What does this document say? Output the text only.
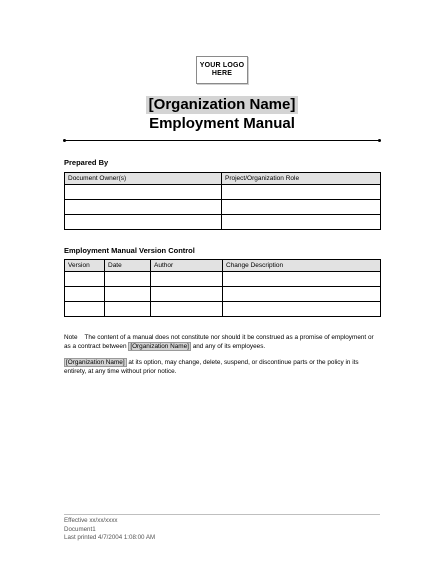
YOUR LOGO
HERE
[Organization Name]
Employment Manual
Prepared By
Document Owner(s)	Project/Organization Role

Employment Manual Version Control
Version	Date	Author	Change Description

Note The content of a manual does not constitute nor should it be construed as a promise of employment or as a contract between [Organization Name] and any of its employees.
[Organization Name] at its option, may change, delete, suspend, or discontinue parts or the policy in its entirety, at any time without prior notice.
Effective xx/xx/xxxx
Document1
Last printed 4/7/2004 1:08:00 AM
